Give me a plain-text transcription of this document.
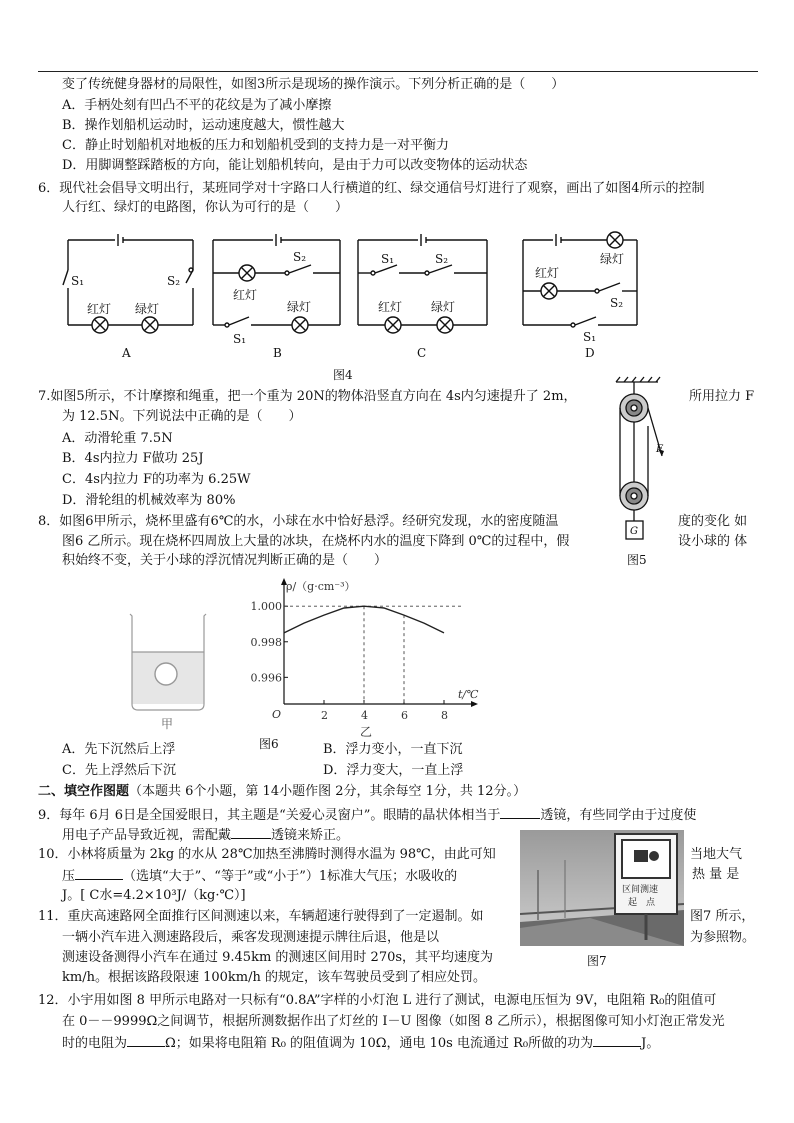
变了传统健身器材的局限性，如图3所示是现场的操作演示。下列分析正确的是（　　）
A．手柄处刻有凹凸不平的花纹是为了减小摩擦
B．操作划船机运动时，运动速度越大，惯性越大
C．静止时划船机对地板的压力和划船机受到的支持力是一对平衡力
D．用脚调整踩踏板的方向，能让划船机转向，是由于力可以改变物体的运动状态
6．现代社会倡导文明出行，某班同学对十字路口人行横道的红、绿交通信号灯进行了观察，画出了如图4所示的控制
人行红、绿灯的电路图，你认为可行的是（　　）
S₁	S₂
红灯 绿灯
A
S₂
红灯
绿灯
S₁
B
S₁	S₂
红灯 绿灯
C
绿灯
红灯
S₂
S₁
D
图4
7.如图5所示，不计摩擦和绳重，把一个重为 20N的物体沿竖直方向在 4s内匀速提升了 2m，	所用拉力 F
为 12.5N。下列说法中正确的是（　　）
A．动滑轮重 7.5N
B．4s内拉力 F做功 25J
C．4s内拉力 F的功率为 6.25W
D．滑轮组的机械效率为 80%
F
G
图5
8．如图6甲所示，烧杯里盛有6℃的水，小球在水中恰好悬浮。经研究发现，水的密度随温	度的变化 如
图6 乙所示。现在烧杯四周放上大量的冰块，在烧杯内水的温度下降到 0℃的过程中，假	设小球的 体
积始终不变，关于小球的浮沉情况判断正确的是（　　）
甲
ρ/（g·cm⁻³）
t/℃
O	2	4	6	8
1.000
0.998
0.996
乙
图6
A．先下沉然后上浮	B．浮力变小，一直下沉
C．先上浮然后下沉	D．浮力变大，一直上浮
二、填空作图题（本题共 6个小题，第 14小题作图 2分，其余每空 1分，共 12分。）
9．每年 6月 6日是全国爱眼日，其主题是“关爱心灵窗户”。眼睛的晶状体相当于	透镜，有些同学由于过度使
用电子产品导致近视，需配戴	透镜来矫正。
10．小林将质量为 2kg 的水从 28℃加热至沸腾时测得水温为 98℃，由此可知	当地大气
压	（选填“大于”、“等于”或“小于”）1标准大气压；水吸收的	热 量 是
J。[ C水=4.2×10³J/（kg·℃）]
11．重庆高速路网全面推行区间测速以来，车辆超速行驶得到了一定遏制。如	图7 所示，
一辆小汽车进入测速路段后，乘客发现测速提示牌往后退，他是以	为参照物。
测速设备测得小汽车在通过 9.45km 的测速区间用时 270s，其平均速度为
km/h。根据该路段限速 100km/h 的规定，该车驾驶员受到了相应处罚。
区间测速
起　点
图7
12．小宇用如图 8 甲所示电路对一只标有“0.8A”字样的小灯泡 L 进行了测试，电源电压恒为 9V，电阻箱 R₀的阻值可
在 0－－9999Ω之间调节，根据所测数据作出了灯丝的 I－U 图像（如图 8 乙所示），根据图像可知小灯泡正常发光
时的电阻为	Ω；如果将电阻箱 R₀ 的阻值调为 10Ω，通电 10s 电流通过 R₀所做的功为	J。
